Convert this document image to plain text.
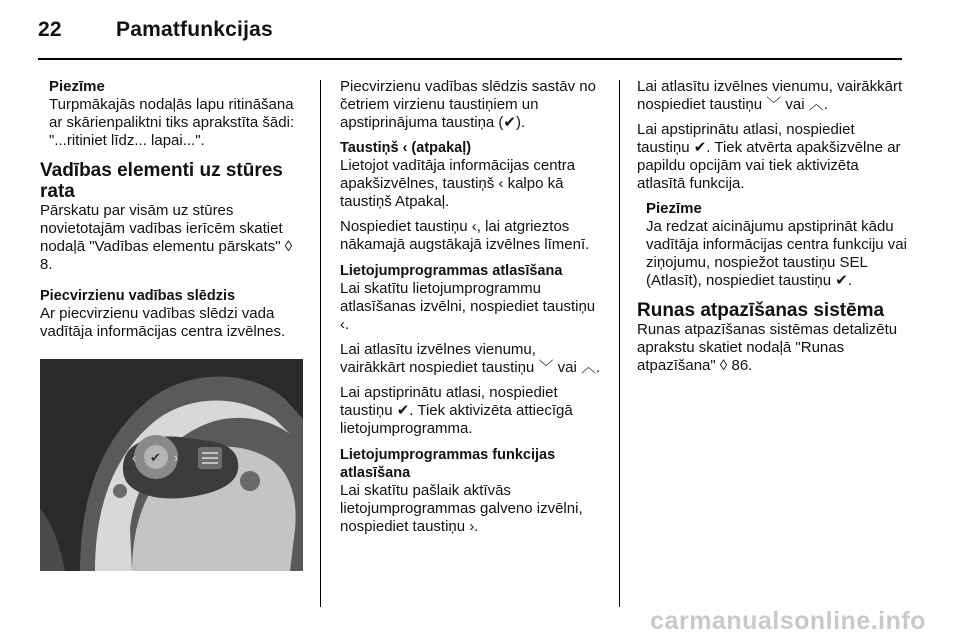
22	Pamatfunkcijas
Piezīme
Turpmākajās nodaļās lapu ritināšana ar skārienpaliktni tiks aprakstīta šādi: "...ritiniet līdz... lapai...".
Vadības elementi uz stūres rata
Pārskatu par visām uz stūres novietotajām vadības ierīcēm skatiet nodaļā "Vadības elementu pārskats" ◊ 8.
Piecvirzienu vadības slēdzis
Ar piecvirzienu vadības slēdzi vada vadītāja informācijas centra izvēlnes.
✔
‹	›

Piecvirzienu vadības slēdzis sastāv no četriem virzienu taustiņiem un apstiprinājuma taustiņa (✔).

Taustiņš ‹ (atpakaļ)

Lietojot vadītāja informācijas centra apakšizvēlnes, taustiņš ‹ kalpo kā taustiņš Atpakaļ.

Nospiediet taustiņu ‹, lai atgrieztos nākamajā augstākajā izvēlnes līmenī.

Lietojumprogrammas atlasīšana

Lai skatītu lietojumprogrammu atlasīšanas izvēlni, nospiediet taustiņu ‹.

Lai atlasītu izvēlnes vienumu, vairākkārt nospiediet taustiņu ﹀ vai ︿.

Lai apstiprinātu atlasi, nospiediet taustiņu ✔. Tiek aktivizēta attiecīgā lietojumprogramma.

Lietojumprogrammas funkcijas atlasīšana

Lai skatītu pašlaik aktīvās lietojumprogrammas galveno izvēlni, nospiediet taustiņu ›.

Lai atlasītu izvēlnes vienumu, vairākkārt nospiediet taustiņu ﹀ vai ︿.

Lai apstiprinātu atlasi, nospiediet taustiņu ✔. Tiek atvērta apakšizvēlne ar papildu opcijām vai tiek aktivizēta atlasītā funkcija.

Piezīme
Ja redzat aicinājumu apstiprināt kādu vadītāja informācijas centra funkciju vai ziņojumu, nospiežot taustiņu SEL (Atlasīt), nospiediet taustiņu ✔.
Runas atpazīšanas sistēma
Runas atpazīšanas sistēmas detalizētu aprakstu skatiet nodaļā "Runas atpazīšana" ◊ 86.
carmanualsonline.info
